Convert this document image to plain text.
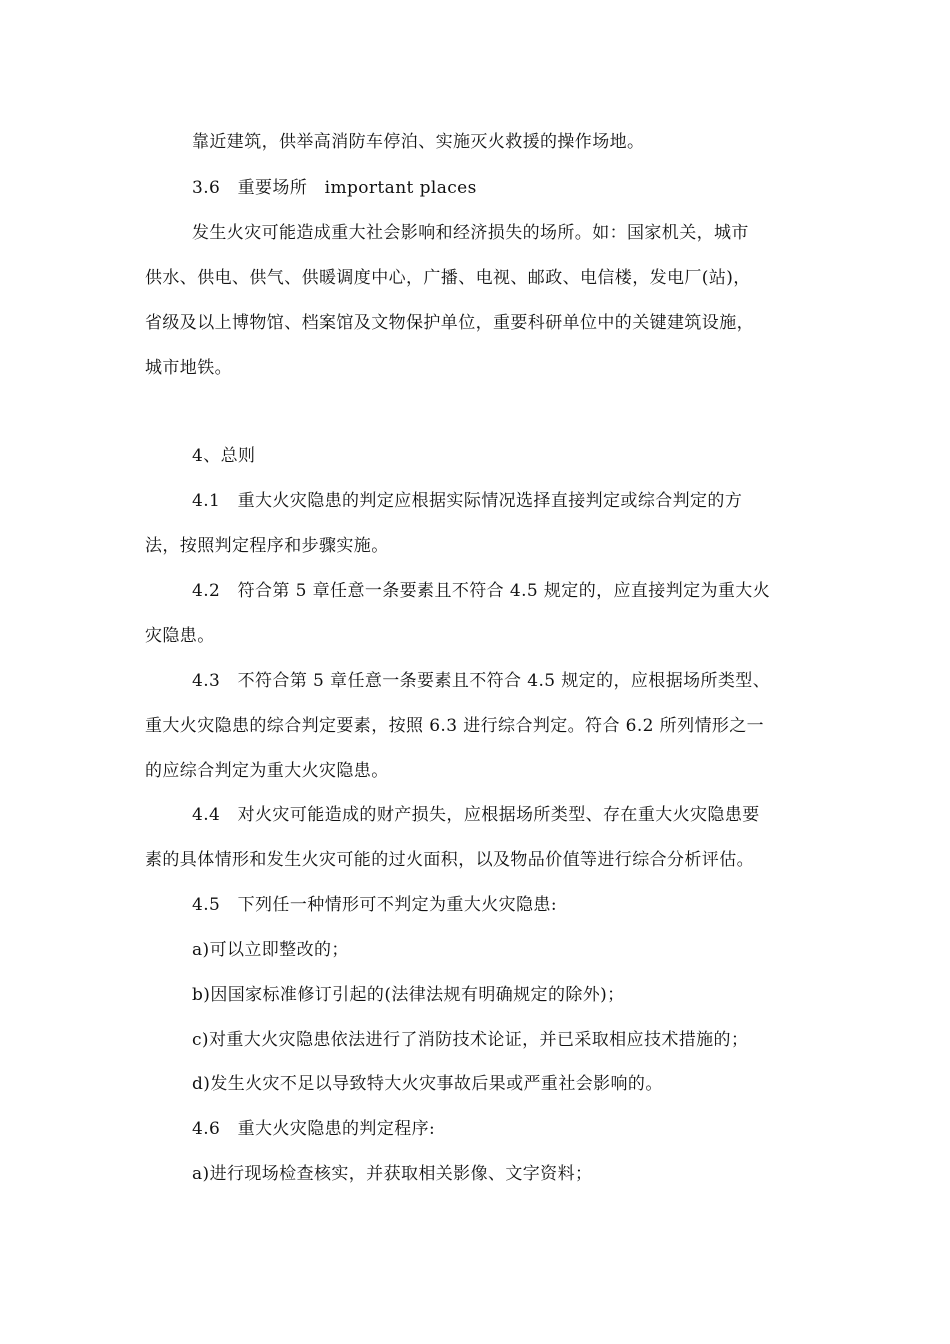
靠近建筑，供举高消防车停泊、实施灭火救援的操作场地。
3.6　重要场所　important places
发生火灾可能造成重大社会影响和经济损失的场所。如：国家机关，城市
供水、供电、供气、供暖调度中心，广播、电视、邮政、电信楼，发电厂(站)，
省级及以上博物馆、档案馆及文物保护单位，重要科研单位中的关键建筑设施，
城市地铁。
4、总则
4.1　重大火灾隐患的判定应根据实际情况选择直接判定或综合判定的方
法，按照判定程序和步骤实施。
4.2　符合第 5 章任意一条要素且不符合 4.5 规定的，应直接判定为重大火
灾隐患。
4.3　不符合第 5 章任意一条要素且不符合 4.5 规定的，应根据场所类型、
重大火灾隐患的综合判定要素，按照 6.3 进行综合判定。符合 6.2 所列情形之一
的应综合判定为重大火灾隐患。
4.4　对火灾可能造成的财产损失，应根据场所类型、存在重大火灾隐患要
素的具体情形和发生火灾可能的过火面积，以及物品价值等进行综合分析评估。
4.5　下列任一种情形可不判定为重大火灾隐患:
a)可以立即整改的；
b)因国家标准修订引起的(法律法规有明确规定的除外)；
c)对重大火灾隐患依法进行了消防技术论证，并已采取相应技术措施的；
d)发生火灾不足以导致特大火灾事故后果或严重社会影响的。
4.6　重大火灾隐患的判定程序:
a)进行现场检查核实，并获取相关影像、文字资料；
